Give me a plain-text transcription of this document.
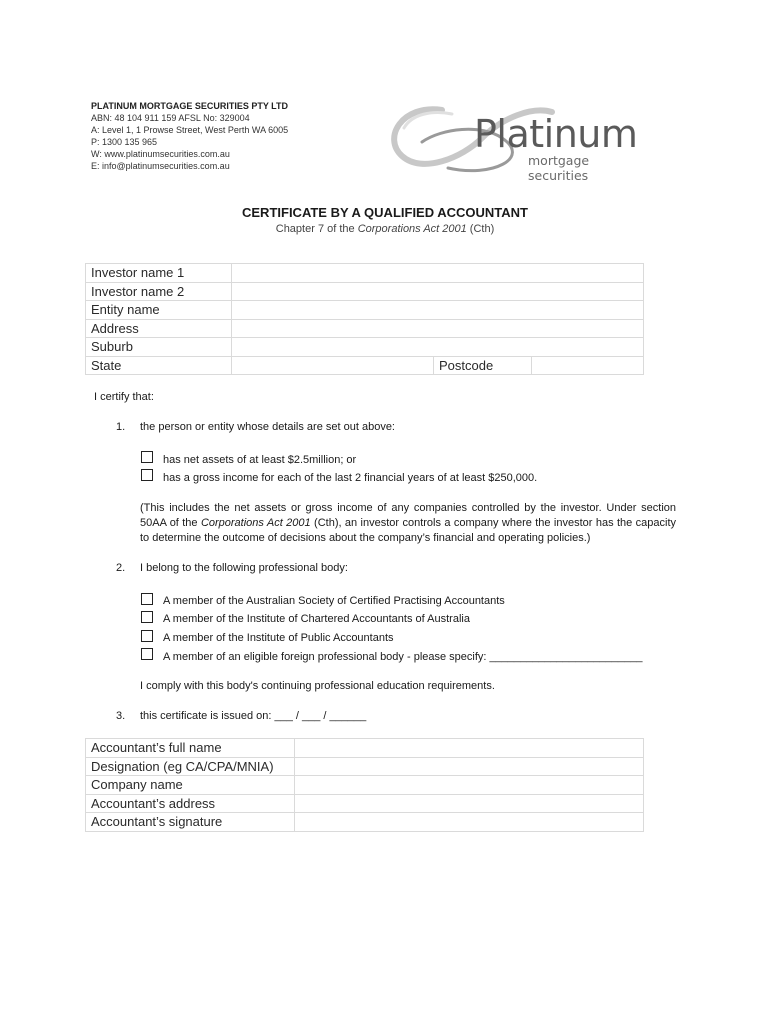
PLATINUM MORTGAGE SECURITIES PTY LTD
ABN: 48 104 911 159 AFSL No: 329004
A: Level 1, 1 Prowse Street, West Perth WA 6005
P: 1300 135 965
W: www.platinumsecurities.com.au
E: info@platinumsecurities.com.au
Platinum
mortgage securities
CERTIFICATE BY A QUALIFIED ACCOUNTANT
Chapter 7 of the Corporations Act 2001 (Cth)
Investor name 1			
Investor name 2			
Entity name			
Address			
Suburb			
State		Postcode	
I certify that:
1. the person or entity whose details are set out above:
has net assets of at least $2.5million; or
has a gross income for each of the last 2 financial years of at least $250,000.
(This includes the net assets or gross income of any companies controlled by the investor. Under section 50AA of the Corporations Act 2001 (Cth), an investor controls a company where the investor has the capacity to determine the outcome of decisions about the company’s financial and operating policies.)
2. I belong to the following professional body:
A member of the Australian Society of Certified Practising Accountants
A member of the Institute of Chartered Accountants of Australia
A member of the Institute of Public Accountants
A member of an eligible foreign professional body - please specify: _________________________
I comply with this body's continuing professional education requirements.
3. this certificate is issued on: ___ / ___ / ______
Accountant’s full name	
Designation (eg CA/CPA/MNIA)	
Company name	
Accountant’s address	
Accountant’s signature	
